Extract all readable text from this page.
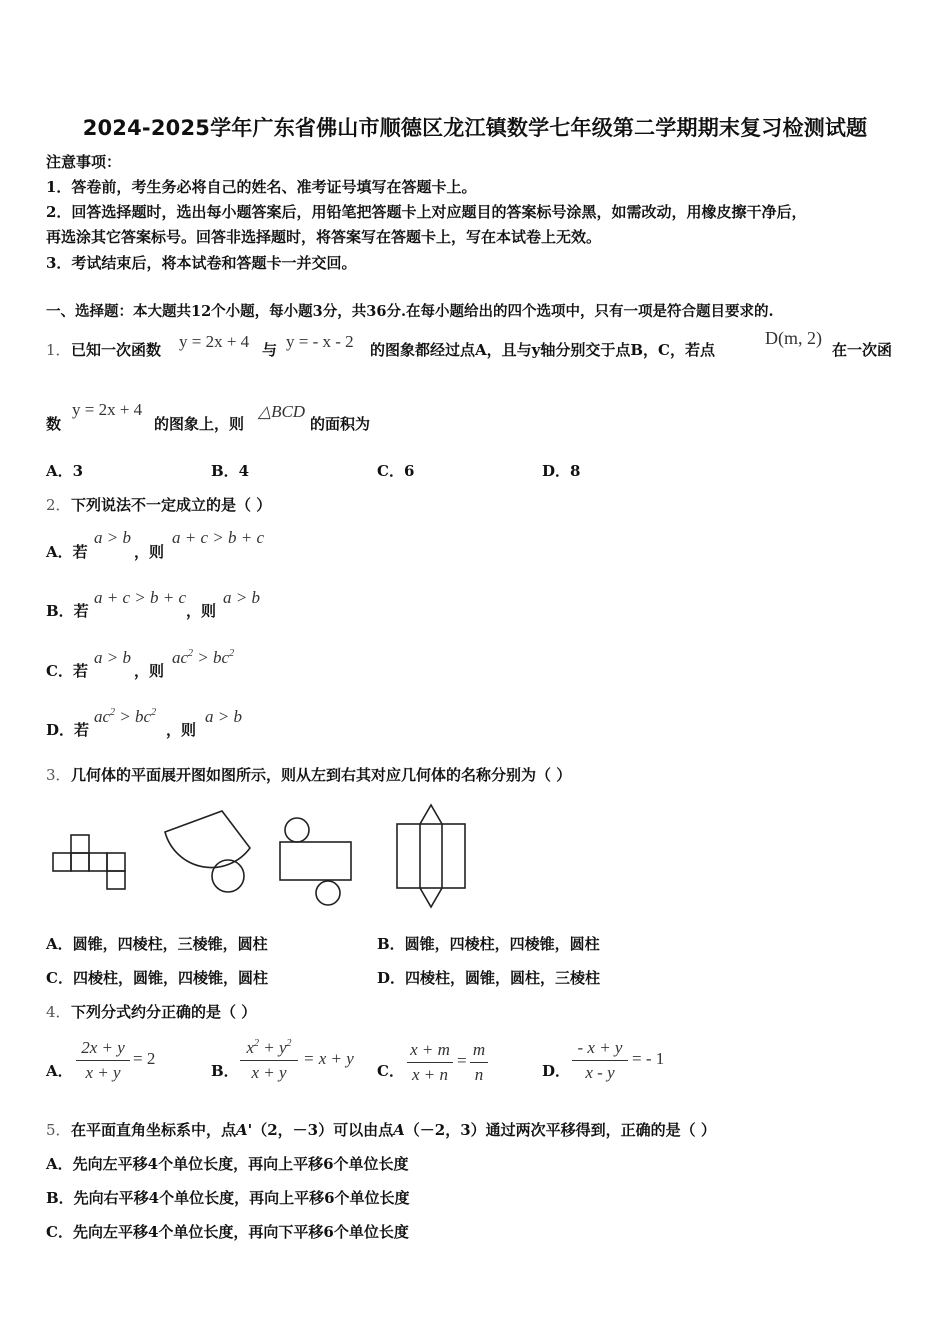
2024-2025学年广东省佛山市顺德区龙江镇数学七年级第二学期期末复习检测试题
注意事项：
1．答卷前，考生务必将自己的姓名、准考证号填写在答题卡上。
2．回答选择题时，选出每小题答案后，用铅笔把答题卡上对应题目的答案标号涂黑，如需改动，用橡皮擦干净后，
再选涂其它答案标号。回答非选择题时，将答案写在答题卡上，写在本试卷上无效。
3．考试结束后，将本试卷和答题卡一并交回。
一、选择题：本大题共12个小题，每小题3分，共36分.在每小题给出的四个选项中，只有一项是符合题目要求的.
1． 已知一次函数 y = 2x + 4 与 y = - x - 2 的图象都经过点A，且与y轴分别交于点B，C，若点
D(m, 2)
在一次函
数
y = 2x + 4
的图象上，则
△BCD
的面积为
A．3	B．4	C．6	D．8
2． 下列说法不一定成立的是（ ）
A．若
a > b
，则
a + c > b + c
B．若
a + c > b + c
，则
a > b
C．若
a > b
，则
$ac^2 > bc^2$
D．若
$ac^2 > bc^2$
，则
a > b
3． 几何体的平面展开图如图所示，则从左到右其对应几何体的名称分别为（ ）
A．圆锥，四棱柱，三棱锥，圆柱	B．圆锥，四棱柱，四棱锥，圆柱
C．四棱柱，圆锥，四棱锥，圆柱	D．四棱柱，圆锥，圆柱，三棱柱
4． 下列分式约分正确的是（ ）
A． $\frac{2x + y}{x + y} = 2$
B． $\frac{x^2 + y^2}{x + y} = x + y$
C． $\frac{x + m}{x + n} = \frac{m}{n}$	D． $\frac{- x + y}{x - y}$ = - 1
5． 在平面直角坐标系中，点A'（2，－3）可以由点A（－2，3）通过两次平移得到，正确的是（ ）
A．先向左平移4个单位长度，再向上平移6个单位长度
B．先向右平移4个单位长度，再向上平移6个单位长度
C．先向左平移4个单位长度，再向下平移6个单位长度
